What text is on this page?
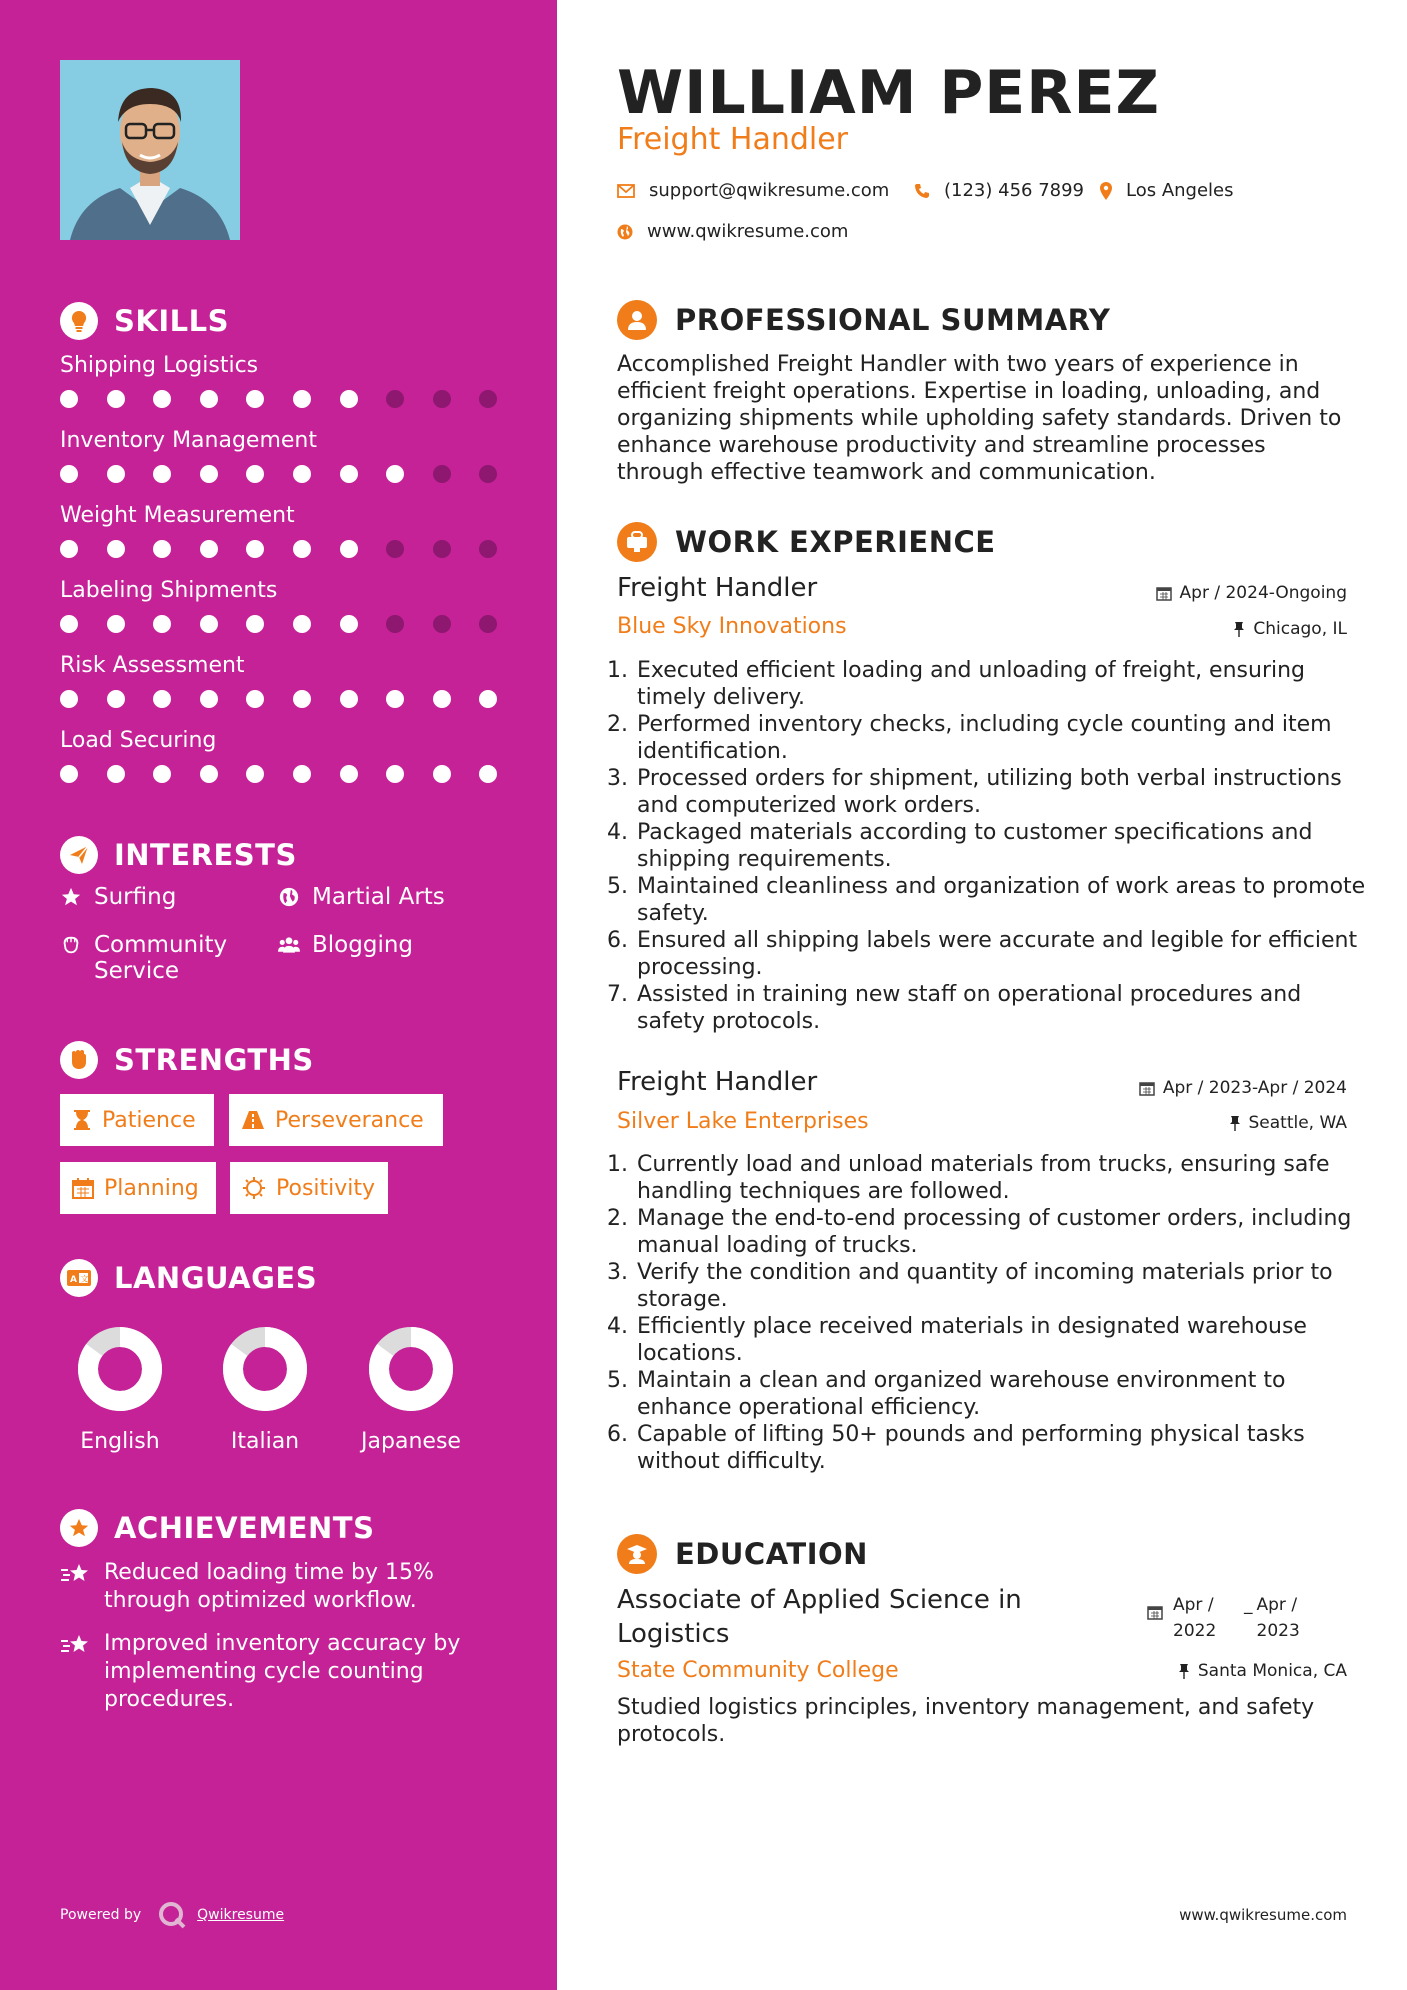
SKILLS
Shipping Logistics
Inventory Management
Weight Measurement
Labeling Shipments
Risk Assessment
Load Securing
INTERESTS
Surfing	Martial Arts
Community Service
Blogging
STRENGTHS
Patience	Perseverance
Planning	Positivity
A 文 LANGUAGES
English	Italian	Japanese
ACHIEVEMENTS
Reduced loading time by 15% through optimized workflow.
Improved inventory accuracy by implementing cycle counting procedures.
Powered by	Qwikresume
WILLIAM PEREZ
Freight Handler
support@qwikresume.com	(123) 456 7899 Los Angeles
www.qwikresume.com
PROFESSIONAL SUMMARY
Accomplished Freight Handler with two years of experience in efficient freight operations. Expertise in loading, unloading, and organizing shipments while upholding safety standards. Driven to enhance warehouse productivity and streamline processes through effective teamwork and communication.
WORK EXPERIENCE
Freight Handler	Apr / 2024-Ongoing
Blue Sky Innovations	Chicago, IL
1. Executed efficient loading and unloading of freight, ensuring timely delivery.
2. Performed inventory checks, including cycle counting and item identification.
3. Processed orders for shipment, utilizing both verbal instructions and computerized work orders.
4. Packaged materials according to customer specifications and shipping requirements.
5. Maintained cleanliness and organization of work areas to promote safety.
6. Ensured all shipping labels were accurate and legible for efficient processing.
7. Assisted in training new staff on operational procedures and safety protocols.
Freight Handler	Apr / 2023-Apr / 2024
Silver Lake Enterprises	Seattle, WA
1. Currently load and unload materials from trucks, ensuring safe handling techniques are followed.
2. Manage the end-to-end processing of customer orders, including manual loading of trucks.
3. Verify the condition and quantity of incoming materials prior to storage.
4. Efficiently place received materials in designated warehouse locations.
5. Maintain a clean and organized warehouse environment to enhance operational efficiency.
6. Capable of lifting 50+ pounds and performing physical tasks without difficulty.
EDUCATION
Associate of Applied Science in Logistics
Apr / 2022
_ Apr / 2023
State Community College	Santa Monica, CA
Studied logistics principles, inventory management, and safety protocols.
www.qwikresume.com
